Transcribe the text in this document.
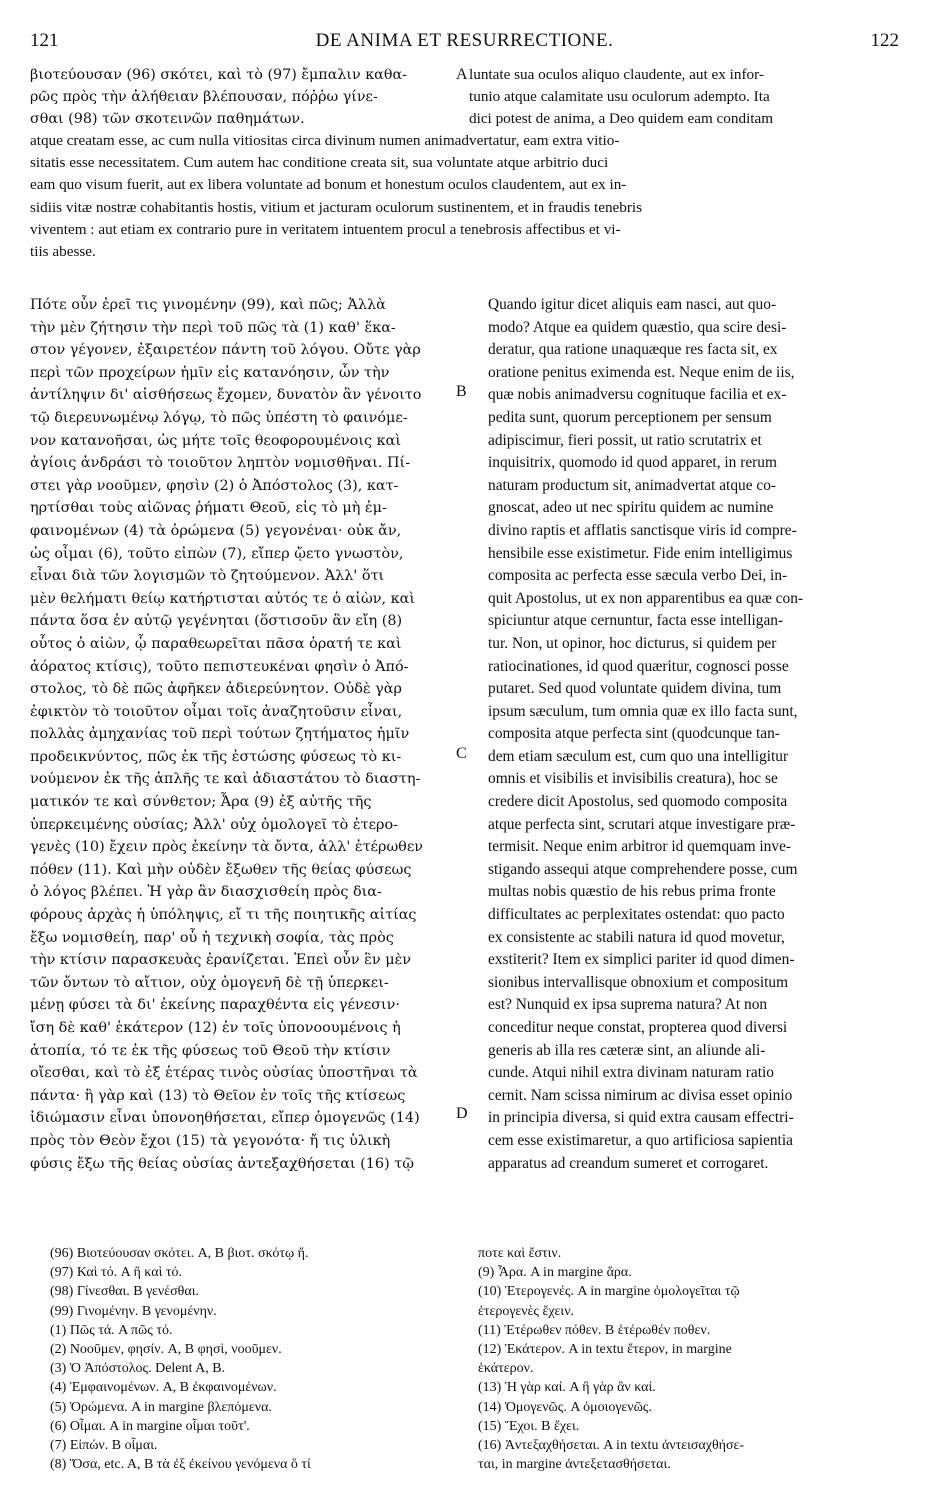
121	DE ANIMA ET RESURRECTIONE.	122
βιοτεύουσαν (96) σκότει, καὶ τὸ (97) ἔμπαλιν καθα-
ρῶς πρὸς τὴν ἀλήθειαν βλέπουσαν, πόῤῥω γίνε-
σθαι (98) τῶν σκοτεινῶν παθημάτων.
luntate sua oculos aliquo claudente, aut ex infor-
tunio atque calamitate usu oculorum adempto. Ita
dici potest de anima, a Deo quidem eam conditam
atque creatam esse, ac cum nulla vitiositas circa divinum numen animadvertatur, eam extra vitio-
sitatis esse necessitatem. Cum autem hac conditione creata sit, sua voluntate atque arbitrio duci
eam quo visum fuerit, aut ex libera voluntate ad bonum et honestum oculos claudentem, aut ex in-
sidiis vitæ nostræ cohabitantis hostis, vitium et jacturam oculorum sustinentem, et in fraudis tenebris
viventem : aut etiam ex contrario pure in veritatem intuentem procul a tenebrosis affectibus et vi-
tiis abesse.
A
B
C
D
Πότε οὖν ἐρεῖ τις γινομένην (99), καὶ πῶς; Ἀλλὰ
τὴν μὲν ζήτησιν τὴν περὶ τοῦ πῶς τὰ (1) καθ' ἕκα-
στον γέγονεν, ἐξαιρετέον πάντη τοῦ λόγου. Οὔτε γὰρ
περὶ τῶν προχείρων ἡμῖν εἰς κατανόησιν, ὧν τὴν
ἀντίληψιν δι' αἰσθήσεως ἔχομεν, δυνατὸν ἂν γένοιτο
τῷ διερευνωμένῳ λόγῳ, τὸ πῶς ὑπέστη τὸ φαινόμε-
νον κατανοῆσαι, ὡς μήτε τοῖς θεοφορουμένοις καὶ
ἁγίοις ἀνδράσι τὸ τοιοῦτον ληπτὸν νομισθῆναι. Πί-
στει γὰρ νοοῦμεν, φησὶν (2) ὁ Ἀπόστολος (3), κατ-
ηρτίσθαι τοὺς αἰῶνας ῥήματι Θεοῦ, εἰς τὸ μὴ ἐμ-
φαινομένων (4) τὰ ὁρώμενα (5) γεγονέναι· οὐκ ἄν,
ὡς οἶμαι (6), τοῦτο εἰπὼν (7), εἴπερ ᾤετο γνωστὸν,
εἶναι διὰ τῶν λογισμῶν τὸ ζητούμενον. Ἀλλ' ὅτι
μὲν θελήματι θείῳ κατήρτισται αὐτός τε ὁ αἰὼν, καὶ
πάντα ὅσα ἐν αὐτῷ γεγένηται (ὅστισοῦν ἂν εἴη (8)
οὗτος ὁ αἰὼν, ᾧ παραθεωρεῖται πᾶσα ὁρατή τε καὶ
ἀόρατος κτίσις), τοῦτο πεπιστευκέναι φησὶν ὁ Ἀπό-
στολος, τὸ δὲ πῶς ἀφῆκεν ἀδιερεύνητον. Οὐδὲ γὰρ
ἐφικτὸν τὸ τοιοῦτον οἶμαι τοῖς ἀναζητοῦσιν εἶναι,
πολλὰς ἀμηχανίας τοῦ περὶ τούτων ζητήματος ἡμῖν
προδεικνύντος, πῶς ἐκ τῆς ἑστώσης φύσεως τὸ κι-
νούμενον ἐκ τῆς ἁπλῆς τε καὶ ἀδιαστάτου τὸ διαστη-
ματικόν τε καὶ σύνθετον; Ἆρα (9) ἐξ αὐτῆς τῆς
ὑπερκειμένης οὐσίας; Ἀλλ' οὐχ ὁμολογεῖ τὸ ἑτερο-
γενὲς (10) ἔχειν πρὸς ἐκείνην τὰ ὄντα, ἀλλ' ἑτέρωθεν
πόθεν (11). Καὶ μὴν οὐδὲν ἔξωθεν τῆς θείας φύσεως
ὁ λόγος βλέπει. Ἡ γὰρ ἂν διασχισθείη πρὸς δια-
φόρους ἀρχὰς ἡ ὑπόληψις, εἴ τι τῆς ποιητικῆς αἰτίας
ἔξω νομισθείη, παρ' οὗ ἡ τεχνικὴ σοφία, τὰς πρὸς
τὴν κτίσιν παρασκευὰς ἐρανίζεται. Ἐπεὶ οὖν ἓν μὲν
τῶν ὄντων τὸ αἴτιον, οὐχ ὁμογενῆ δὲ τῇ ὑπερκει-
μένῃ φύσει τὰ δι' ἐκείνης παραχθέντα εἰς γένεσιν·
ἴση δὲ καθ' ἑκάτερον (12) ἐν τοῖς ὑπονοουμένοις ἡ
ἀτοπία, τό τε ἐκ τῆς φύσεως τοῦ Θεοῦ τὴν κτίσιν
οἴεσθαι, καὶ τὸ ἐξ ἑτέρας τινὸς οὐσίας ὑποστῆναι τὰ
πάντα· ἢ γὰρ καὶ (13) τὸ Θεῖον ἐν τοῖς τῆς κτίσεως
ἰδιώμασιν εἶναι ὑπονοηθήσεται, εἴπερ ὁμογενῶς (14)
πρὸς τὸν Θεὸν ἔχοι (15) τὰ γεγονότα· ἤ τις ὑλικὴ
φύσις ἔξω τῆς θείας οὐσίας ἀντεξαχθήσεται (16) τῷ
Quando igitur dicet aliquis eam nasci, aut quo-
modo? Atque ea quidem quæstio, qua scire desi-
deratur, qua ratione unaquæque res facta sit, ex
oratione penitus eximenda est. Neque enim de iis,
quæ nobis animadversu cognituque facilia et ex-
pedita sunt, quorum perceptionem per sensum
adipiscimur, fieri possit, ut ratio scrutatrix et
inquisitrix, quomodo id quod apparet, in rerum
naturam productum sit, animadvertat atque co-
gnoscat, adeo ut nec spiritu quidem ac numine
divino raptis et afflatis sanctisque viris id compre-
hensibile esse existimetur. Fide enim intelligimus
composita ac perfecta esse sæcula verbo Dei, in-
quit Apostolus, ut ex non apparentibus ea quæ con-
spiciuntur atque cernuntur, facta esse intelligan-
tur. Non, ut opinor, hoc dicturus, si quidem per
ratiocinationes, id quod quæritur, cognosci posse
putaret. Sed quod voluntate quidem divina, tum
ipsum sæculum, tum omnia quæ ex illo facta sunt,
composita atque perfecta sint (quodcunque tan-
dem etiam sæculum est, cum quo una intelligitur
omnis et visibilis et invisibilis creatura), hoc se
credere dicit Apostolus, sed quomodo composita
atque perfecta sint, scrutari atque investigare præ-
termisit. Neque enim arbitror id quemquam inve-
stigando assequi atque comprehendere posse, cum
multas nobis quæstio de his rebus prima fronte
difficultates ac perplexitates ostendat: quo pacto
ex consistente ac stabili natura id quod movetur,
exstiterit? Item ex simplici pariter id quod dimen-
sionibus intervallisque obnoxium et compositum
est? Nunquid ex ipsa suprema natura? At non
conceditur neque constat, propterea quod diversi
generis ab illa res cæteræ sint, an aliunde ali-
cunde. Atqui nihil extra divinam naturam ratio
cernit. Nam scissa nimirum ac divisa esset opinio
in principia diversa, si quid extra causam effectri-
cem esse existimaretur, a quo artificiosa sapientia
apparatus ad creandum sumeret et corrogaret.
(96) Βιοτεύουσαν σκότει. A, B βιοτ. σκότῳ ἤ.
(97) Καὶ τό. A ἢ καὶ τό.
(98) Γίνεσθαι. B γενέσθαι.
(99) Γινομένην. B γενομένην.
(1) Πῶς τά. A πῶς τό.
(2) Νοοῦμεν, φησίν. A, B φησὶ, νοοῦμεν.
(3) Ὁ Ἀπόστολος. Delent A, B.
(4) Ἐμφαινομένων. A, B ἐκφαινομένων.
(5) Ὁρώμενα. A in margine βλεπόμενα.
(6) Οἶμαι. A in margine οἶμαι τοῦτ'.
(7) Εἰπών. B οἶμαι.
(8) Ὅσα, etc. A, B τὰ ἐξ ἐκείνου γενόμενα ὅ τί
ποτε καὶ ἔστιν.
(9) Ἆρα. A in margine ἄρα.
(10) Ἑτερογενές. A in margine ὁμολογεῖται τῷ
ἑτερογενὲς ἔχειν.
(11) Ἑτέρωθεν πόθεν. B ἑτέρωθέν ποθεν.
(12) Ἑκάτερον. A in textu ἕτερον, in margine
ἑκάτερον.
(13) Ἡ γὰρ καί. A ἢ γὰρ ἂν καί.
(14) Ὁμογενῶς. A ὁμοιογενῶς.
(15) Ἔχοι. B ἔχει.
(16) Ἀντεξαχθήσεται. A in textu ἀντεισαχθήσε-
ται, in margine ἀντεξετασθήσεται.
